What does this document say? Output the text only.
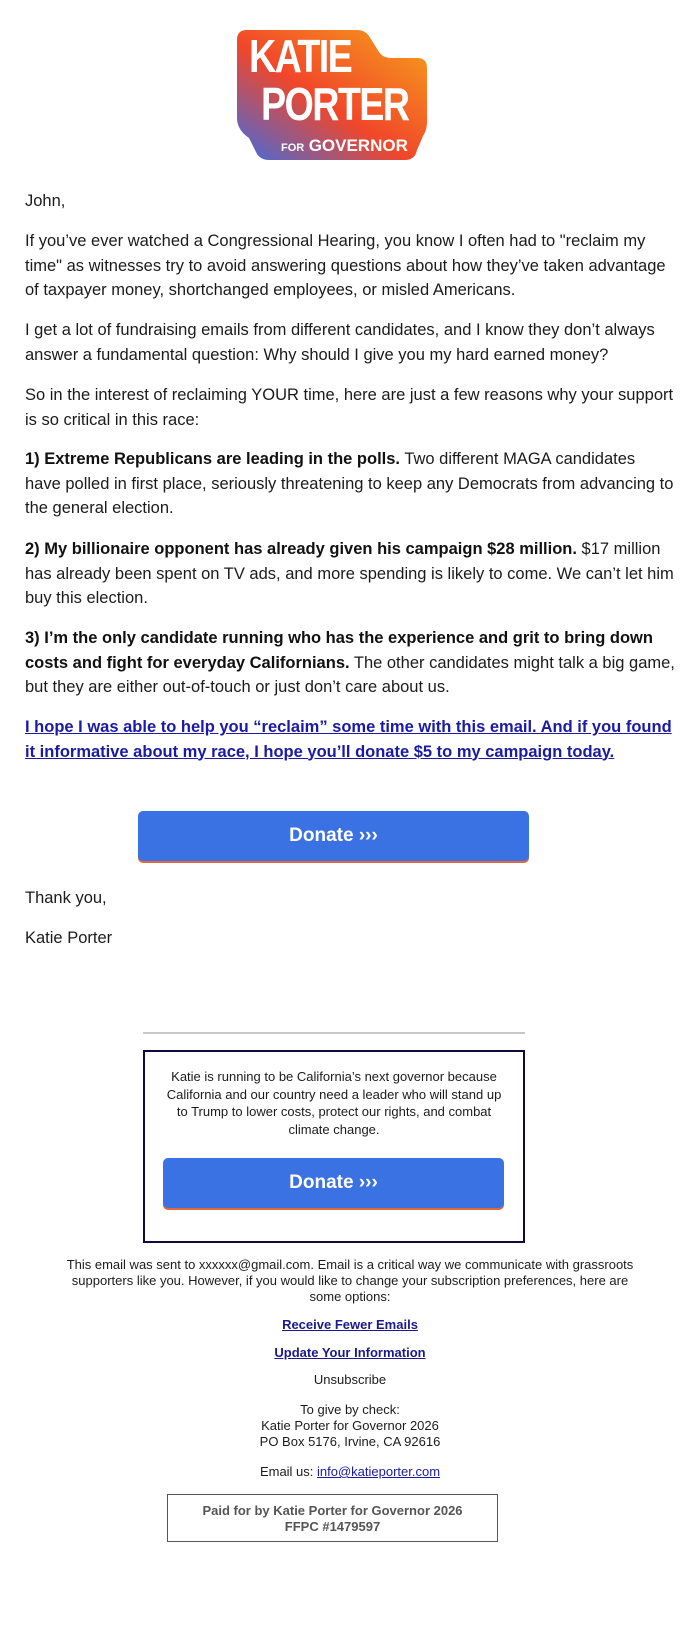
KATIE
PORTER
FOR GOVERNOR
John,
If you’ve ever watched a Congressional Hearing, you know I often had to "reclaim my time" as witnesses try to avoid answering questions about how they’ve taken advantage of taxpayer money, shortchanged employees, or misled Americans.
I get a lot of fundraising emails from different candidates, and I know they don’t always answer a fundamental question: Why should I give you my hard earned money?
So in the interest of reclaiming YOUR time, here are just a few reasons why your support is so critical in this race:
1) Extreme Republicans are leading in the polls. Two different MAGA candidates have polled in first place, seriously threatening to keep any Democrats from advancing to the general election.
2) My billionaire opponent has already given his campaign $28 million. $17 million has already been spent on TV ads, and more spending is likely to come. We can’t let him buy this election.
3) I’m the only candidate running who has the experience and grit to bring down costs and fight for everyday Californians. The other candidates might talk a big game, but they are either out-of-touch or just don’t care about us.
I hope I was able to help you “reclaim” some time with this email. And if you found it informative about my race, I hope you’ll donate $5 to my campaign today.
Donate ›››
Thank you,
Katie Porter
Katie is running to be California’s next governor because California and our country need a leader who will stand up to Trump to lower costs, protect our rights, and combat climate change.
Donate ›››
This email was sent to xxxxxx@gmail.com. Email is a critical way we communicate with grassroots supporters like you. However, if you would like to change your subscription preferences, here are some options:
Receive Fewer Emails
Update Your Information
Unsubscribe
To give by check:
Katie Porter for Governor 2026
PO Box 5176, Irvine, CA 92616
Email us: info@katieporter.com
Paid for by Katie Porter for Governor 2026
FFPC #1479597
